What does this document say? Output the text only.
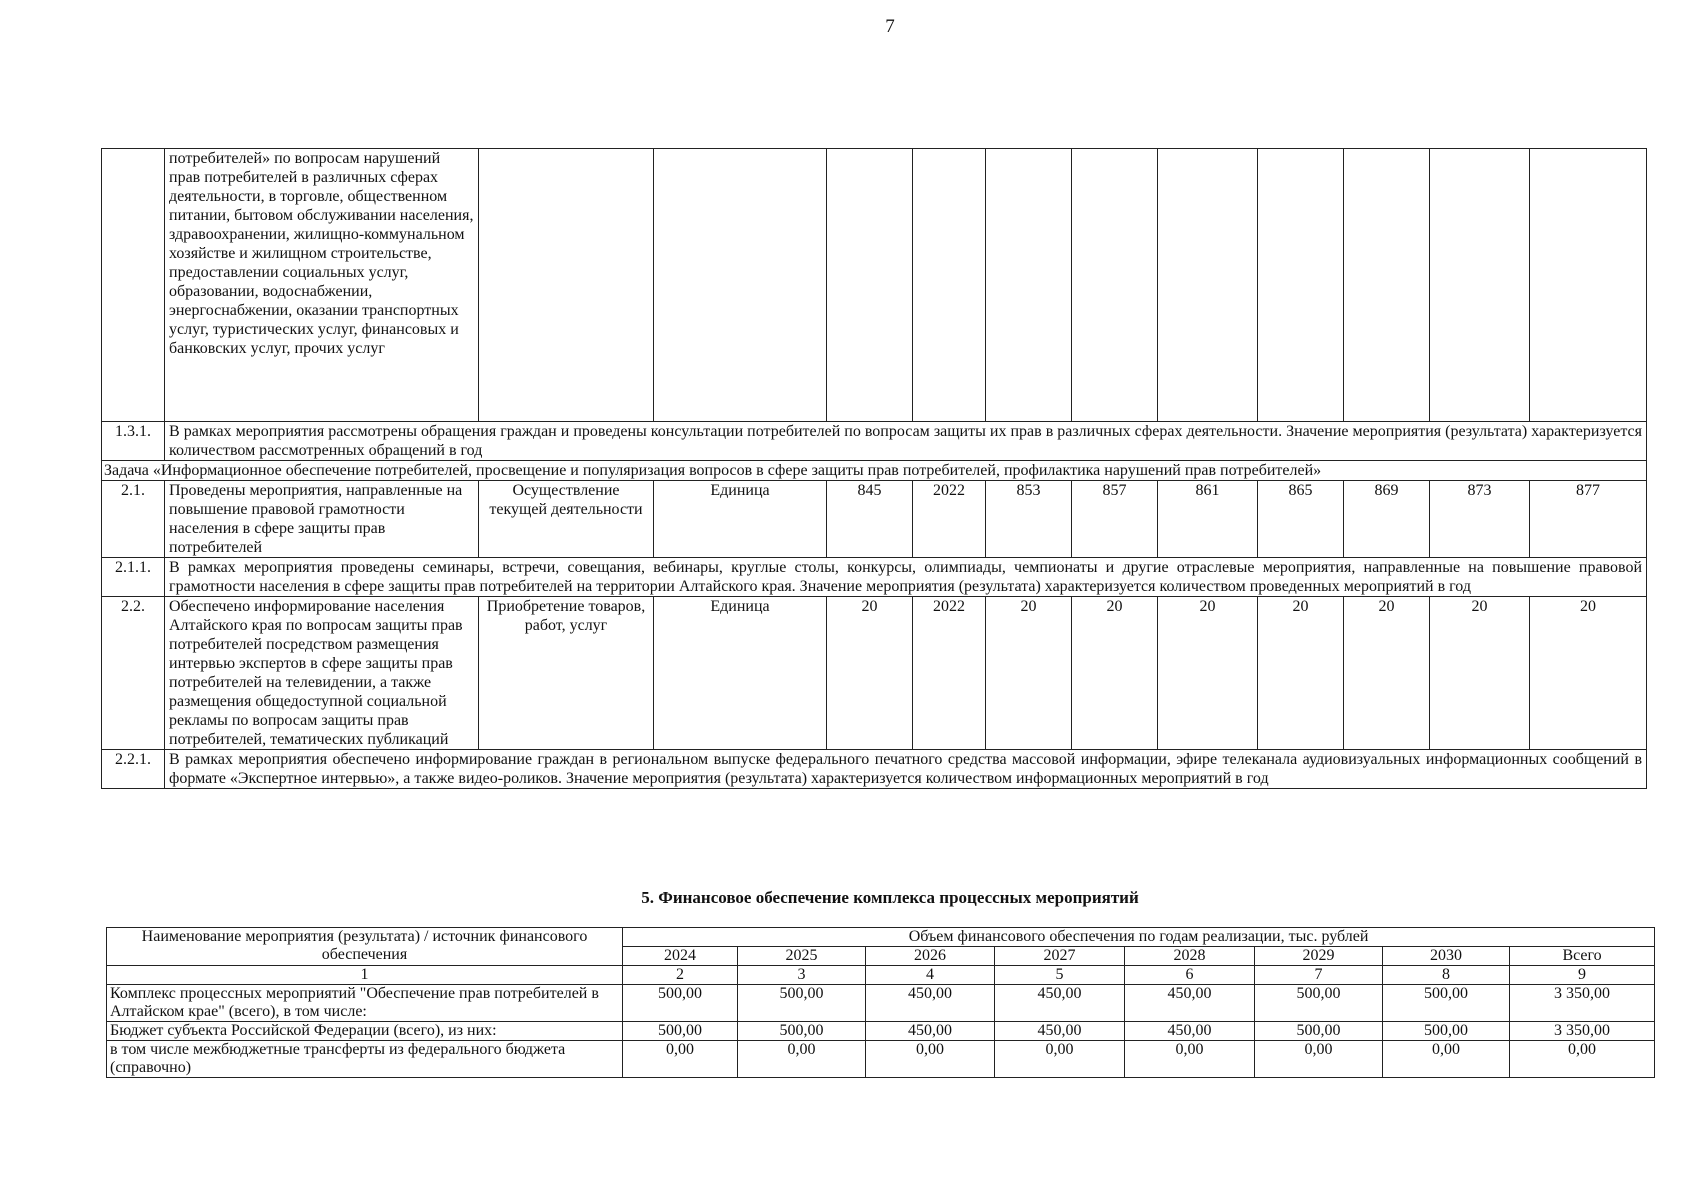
7
	потребителей» по вопросам нарушений прав потребителей в различных сферах деятельности, в торговле, общественном питании, бытовом обслуживании населения, здравоохранении, жилищно-коммунальном хозяйстве и жилищном строительстве, предоставлении социальных услуг, образовании, водоснабжении, энергоснабжении, оказании транспортных услуг, туристических услуг, финансовых и банковских услуг, прочих услуг											
1.3.1.	В рамках мероприятия рассмотрены обращения граждан и проведены консультации потребителей по вопросам защиты их прав в различных сферах деятельности. Значение мероприятия (результата) характеризуется количеством рассмотренных обращений в год											
Задача «Информационное обеспечение потребителей, просвещение и популяризация вопросов в сфере защиты прав потребителей, профилактика нарушений прав потребителей»												
2.1.	Проведены мероприятия, направленные на повышение правовой грамотности населения в сфере защиты прав потребителей	Осуществление текущей деятельности	Единица	845	2022	853	857	861	865	869	873	877
2.1.1.	В рамках мероприятия проведены семинары, встречи, совещания, вебинары, круглые столы, конкурсы, олимпиады, чемпионаты и другие отраслевые мероприятия, направленные на повышение правовой грамотности населения в сфере защиты прав потребителей на территории Алтайского края. Значение мероприятия (результата) характеризуется количеством проведенных мероприятий в год											
2.2.	Обеспечено информирование населения Алтайского края по вопросам защиты прав потребителей посредством размещения интервью экспертов в сфере защиты прав потребителей на телевидении, а также размещения общедоступной социальной рекламы по вопросам защиты прав потребителей, тематических публикаций	Приобретение товаров, работ, услуг	Единица	20	2022	20	20	20	20	20	20	20
2.2.1.	В рамках мероприятия обеспечено информирование граждан в региональном выпуске федерального печатного средства массовой информации, эфире телеканала аудиовизуальных информационных сообщений в формате «Экспертное интервью», а также видео-роликов. Значение мероприятия (результата) характеризуется количеством информационных мероприятий в год											
5. Финансовое обеспечение комплекса процессных мероприятий
Наименование мероприятия (результата) / источник финансового обеспечения	Объем финансового обеспечения по годам реализации, тыс. рублей							
	2024	2025	2026	2027	2028	2029	2030	Всего
1	2	3	4	5	6	7	8	9
Комплекс процессных мероприятий "Обеспечение прав потребителей в Алтайском крае" (всего), в том числе:	500,00	500,00	450,00	450,00	450,00	500,00	500,00	3 350,00
Бюджет субъекта Российской Федерации (всего), из них:	500,00	500,00	450,00	450,00	450,00	500,00	500,00	3 350,00
в том числе межбюджетные трансферты из федерального бюджета (справочно)	0,00	0,00	0,00	0,00	0,00	0,00	0,00	0,00
